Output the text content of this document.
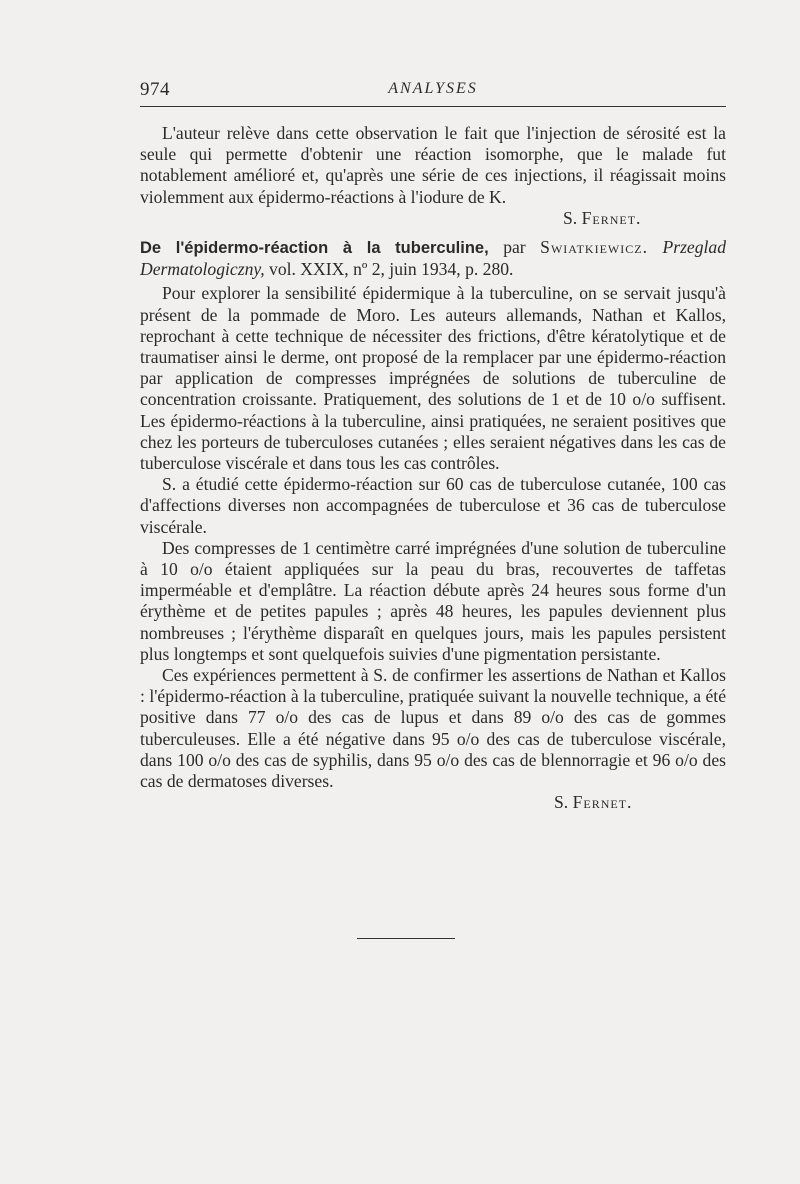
974	ANALYSES

L'auteur relève dans cette observation le fait que l'injection de sérosité est la seule qui permette d'obtenir une réaction isomorphe, que le malade fut notablement amélioré et, qu'après une série de ces injections, il réagissait moins violemment aux épidermo-réactions à l'iodure de K.

S. Fernet.

De l'épidermo-réaction à la tuberculine, par Swiatkiewicz. Przeglad Dermatologiczny, vol. XXIX, nº 2, juin 1934, p. 280.

Pour explorer la sensibilité épidermique à la tuberculine, on se servait jusqu'à présent de la pommade de Moro. Les auteurs allemands, Nathan et Kallos, reprochant à cette technique de nécessiter des frictions, d'être kératolytique et de traumatiser ainsi le derme, ont proposé de la remplacer par une épidermo-réaction par application de compresses imprégnées de solutions de tuberculine de concentration croissante. Pratiquement, des solutions de 1 et de 10 o/o suffisent. Les épidermo-réactions à la tuberculine, ainsi pratiquées, ne seraient positives que chez les porteurs de tuberculoses cutanées ; elles seraient négatives dans les cas de tuberculose viscérale et dans tous les cas contrôles.

S. a étudié cette épidermo-réaction sur 60 cas de tuberculose cutanée, 100 cas d'affections diverses non accompagnées de tuberculose et 36 cas de tuberculose viscérale.

Des compresses de 1 centimètre carré imprégnées d'une solution de tuberculine à 10 o/o étaient appliquées sur la peau du bras, recouvertes de taffetas imperméable et d'emplâtre. La réaction débute après 24 heures sous forme d'un érythème et de petites papules ; après 48 heures, les papules deviennent plus nombreuses ; l'érythème disparaît en quelques jours, mais les papules persistent plus longtemps et sont quelquefois suivies d'une pigmentation persistante.

Ces expériences permettent à S. de confirmer les assertions de Nathan et Kallos : l'épidermo-réaction à la tuberculine, pratiquée suivant la nouvelle technique, a été positive dans 77 o/o des cas de lupus et dans 89 o/o des cas de gommes tuberculeuses. Elle a été négative dans 95 o/o des cas de tuberculose viscérale, dans 100 o/o des cas de syphilis, dans 95 o/o des cas de blennorragie et 96 o/o des cas de dermatoses diverses.

S. Fernet.
